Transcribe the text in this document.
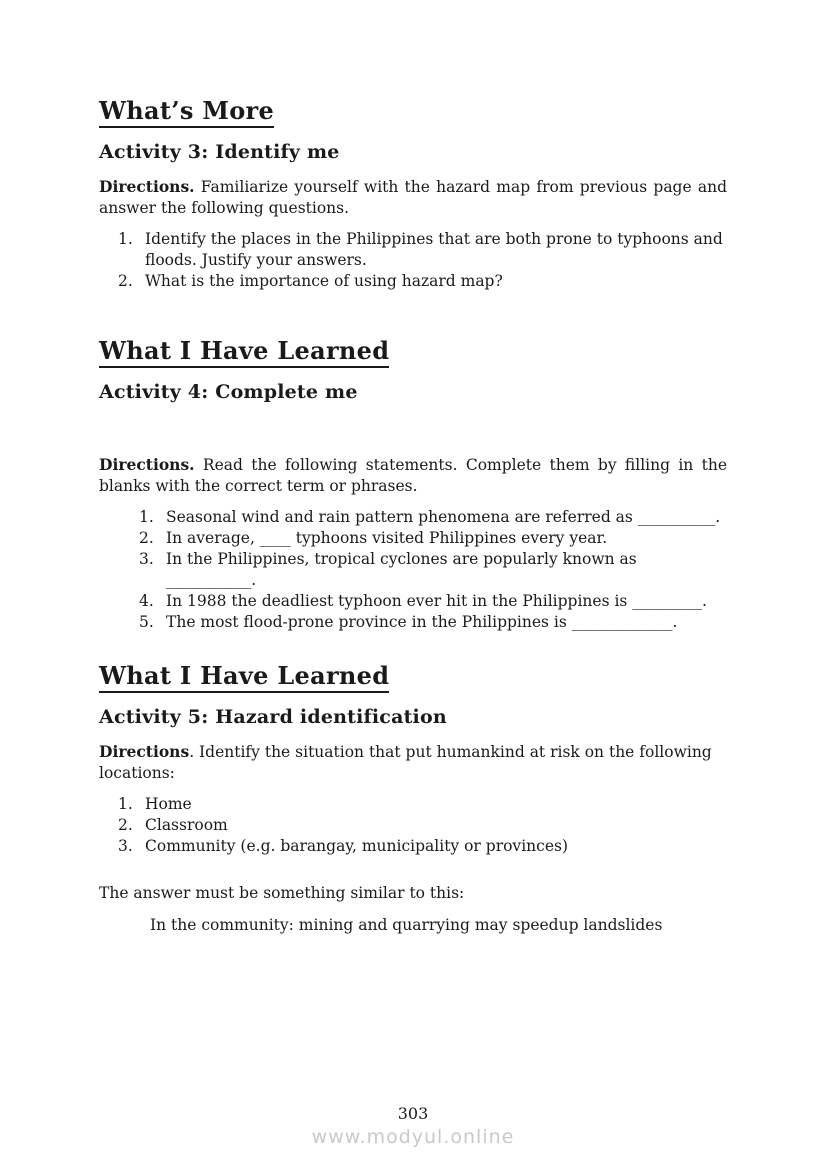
What’s More
Activity 3: Identify me

Directions. Familiarize yourself with the hazard map from previous page and answer the following questions.

Identify the places in the Philippines that are both prone to typhoons and floods. Justify your answers.
What is the importance of using hazard map?
What I Have Learned
Activity 4: Complete me

Directions. Read the following statements. Complete them by filling in the blanks with the correct term or phrases.

Seasonal wind and rain pattern phenomena are referred as __________.
In average, ____ typhoons visited Philippines every year.
In the Philippines, tropical cyclones are popularly known as ___________.
In 1988 the deadliest typhoon ever hit in the Philippines is _________.
The most flood-prone province in the Philippines is _____________.
What I Have Learned
Activity 5: Hazard identification

Directions. Identify the situation that put humankind at risk on the following locations:

Home
Classroom
Community (e.g. barangay, municipality or provinces)

The answer must be something similar to this:

In the community: mining and quarrying may speedup landslides

303
www.modyul.online
